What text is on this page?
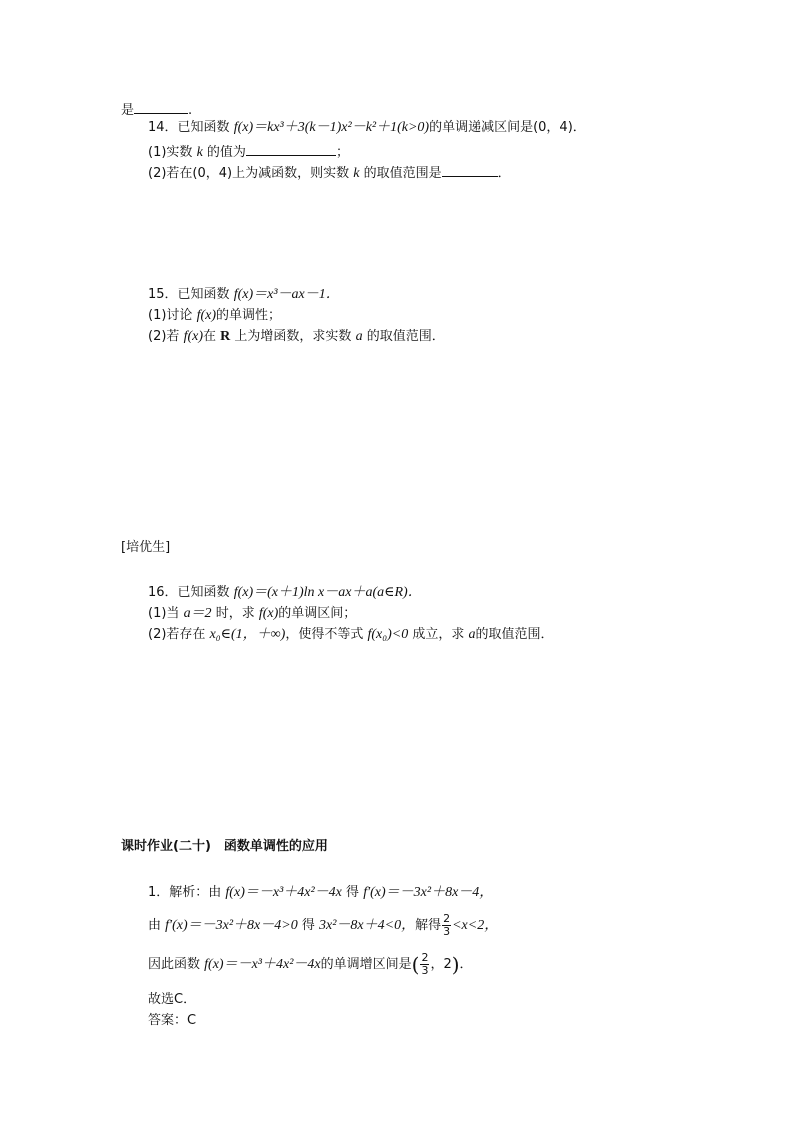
是	.
14．已知函数 f(x)＝kx³＋3(k－1)x²－k²＋1(k>0)的单调递减区间是(0，4)．
(1)实数 k 的值为	；
(2)若在(0，4)上为减函数，则实数 k 的取值范围是	．
15．已知函数 f(x)＝x³－ax－1．
(1)讨论 f(x)的单调性；
(2)若 f(x)在 R 上为增函数，求实数 a 的取值范围．
[培优生]
16．已知函数 f(x)＝(x＋1)ln x－ax＋a(a∈R)．
(1)当 a＝2 时，求 f(x)的单调区间；
(2)若存在 x₀∈(1，＋∞)，使得不等式 f(x₀)<0 成立，求 a的取值范围．
课时作业(二十)　函数单调性的应用
1．解析：由 f(x)＝－x³＋4x²－4x 得 f′(x)＝－3x²＋8x－4，
由 f′(x)＝－3x²＋8x－4>0 得 3x²－8x＋4<0，解得 $\frac{2}{3} <x<2$，
因此函数 f(x)＝－x³＋4x²－4x的单调增区间是( $\frac{2}{3}$ ，2)．
故选C．
答案：C
